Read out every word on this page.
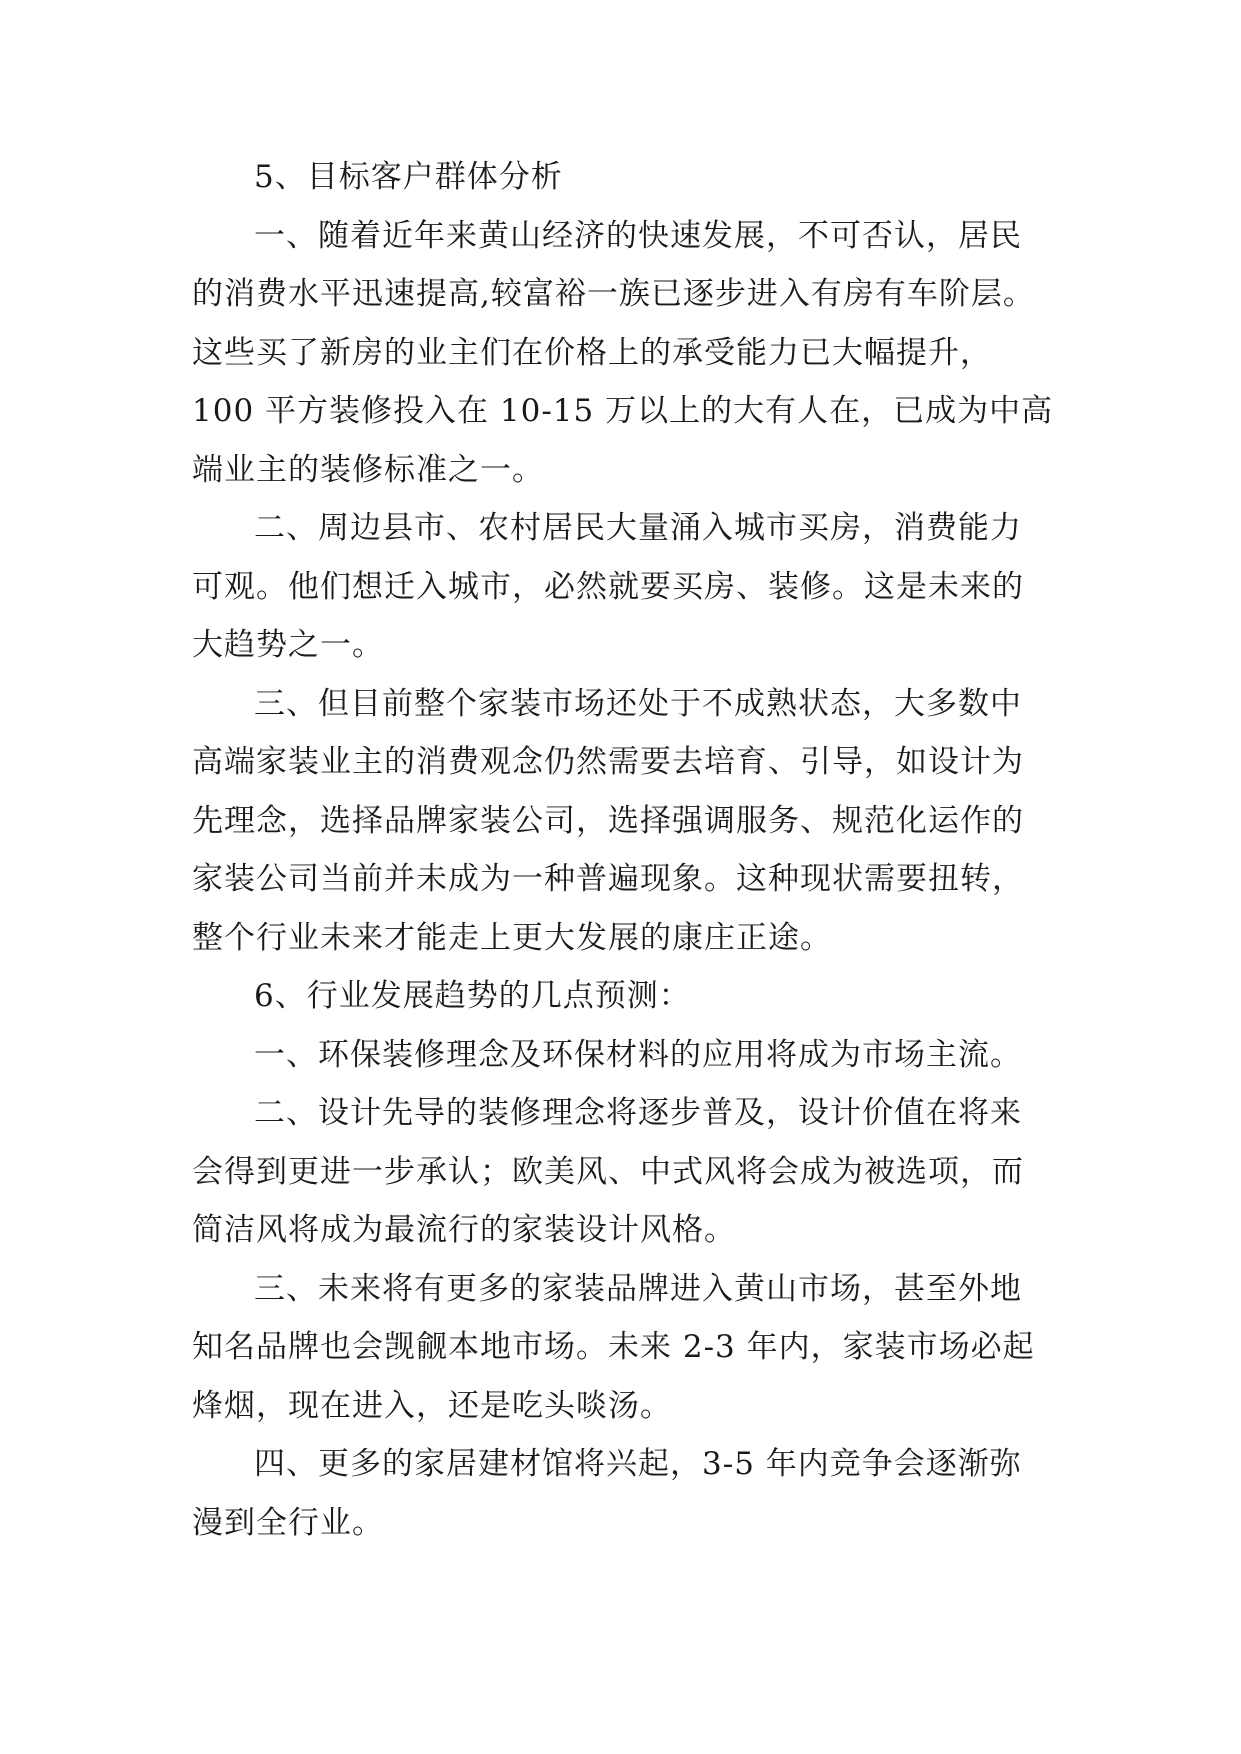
5、目标客户群体分析
一、随着近年来黄山经济的快速发展，不可否认，居民
的消费水平迅速提高,较富裕一族已逐步进入有房有车阶层。
这些买了新房的业主们在价格上的承受能力已大幅提升，
100 平方装修投入在 10-15 万以上的大有人在，已成为中高
端业主的装修标准之一。
二、周边县市、农村居民大量涌入城市买房，消费能力
可观。他们想迁入城市，必然就要买房、装修。这是未来的
大趋势之一。
三、但目前整个家装市场还处于不成熟状态，大多数中
高端家装业主的消费观念仍然需要去培育、引导，如设计为
先理念，选择品牌家装公司，选择强调服务、规范化运作的
家装公司当前并未成为一种普遍现象。这种现状需要扭转，
整个行业未来才能走上更大发展的康庄正途。
6、行业发展趋势的几点预测：
一、环保装修理念及环保材料的应用将成为市场主流。
二、设计先导的装修理念将逐步普及，设计价值在将来
会得到更进一步承认；欧美风、中式风将会成为被选项，而
简洁风将成为最流行的家装设计风格。
三、未来将有更多的家装品牌进入黄山市场，甚至外地
知名品牌也会觊觎本地市场。未来 2-3 年内，家装市场必起
烽烟，现在进入，还是吃头啖汤。
四、更多的家居建材馆将兴起，3-5 年内竞争会逐渐弥
漫到全行业。
